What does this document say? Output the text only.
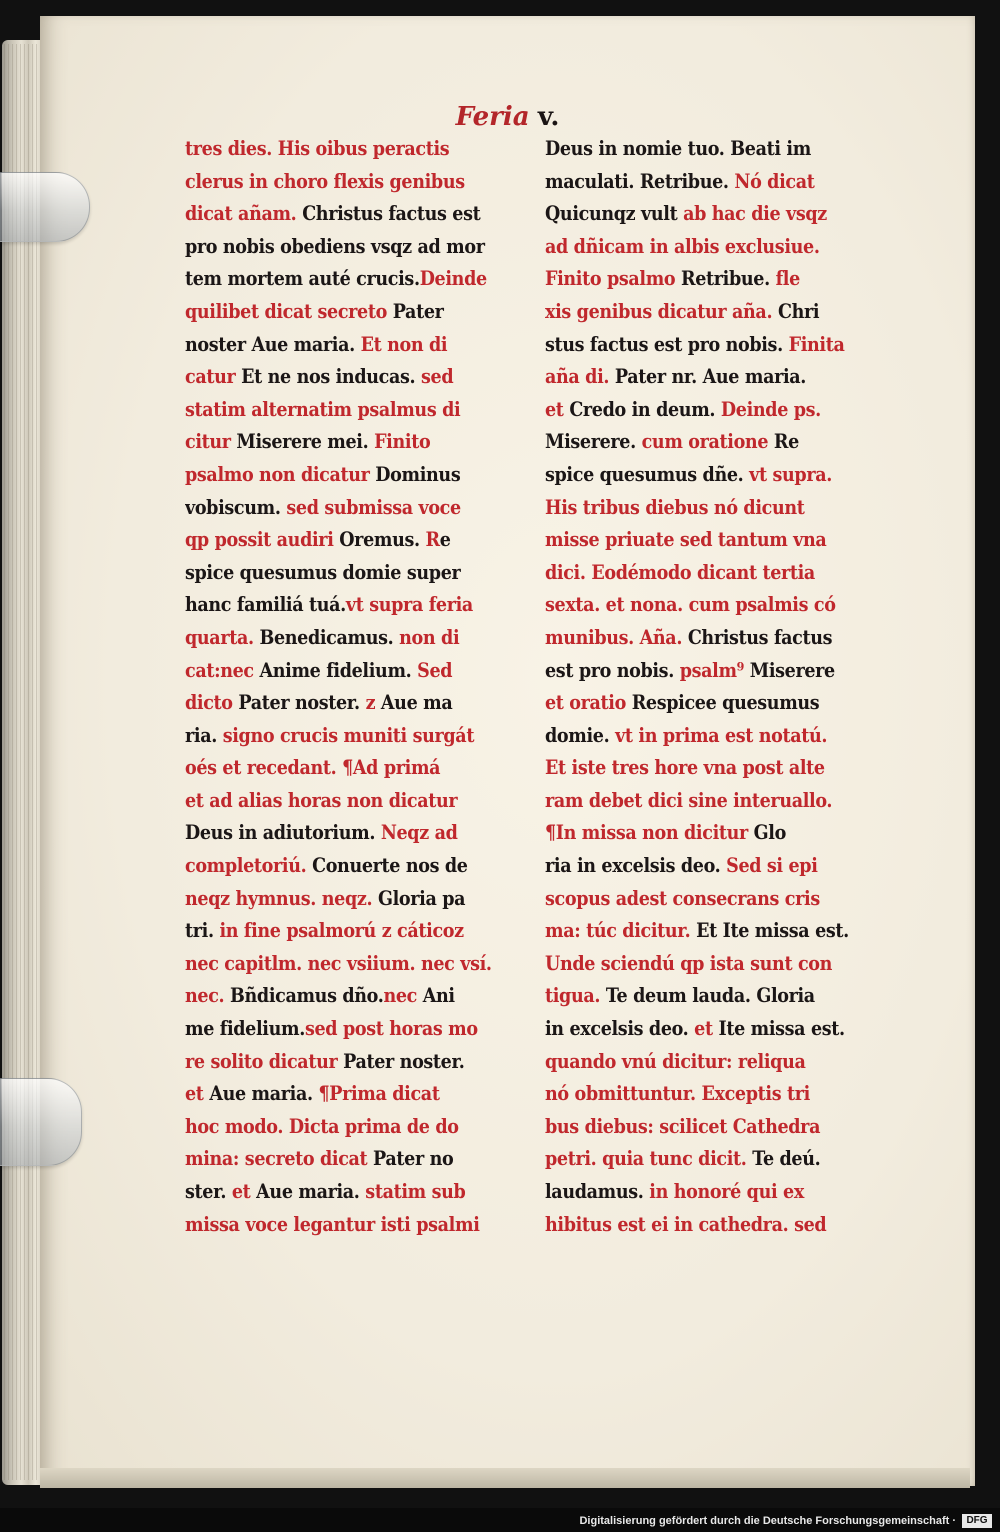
Feria v.
tres dies. His oibus peractis
clerus in choro flexis genibus
dicat añam. Christus factus est
pro nobis obediens vsqz ad mor
tem mortem auté crucis.Deinde
quilibet dicat secreto Pater
noster Aue maria. Et non di
catur Et ne nos inducas. sed
statim alternatim psalmus di
citur Miserere mei. Finito
psalmo non dicatur Dominus
vobiscum. sed submissa voce
qp possit audiri Oremus. Re
spice quesumus domie super
hanc familiá tuá.vt supra feria
quarta. Benedicamus. non di
cat:nec Anime fidelium. Sed
dicto Pater noster. z Aue ma
ria. signo crucis muniti surgát
oés et recedant. ¶Ad primá
et ad alias horas non dicatur
Deus in adiutorium. Neqz ad
completoriú. Conuerte nos de
neqz hymnus. neqz. Gloria pa
tri. in fine psalmorú z cáticoz
nec capitlm. nec vsiium. nec vsí.
nec. Bñdicamus dño.nec Ani
me fidelium.sed post horas mo
re solito dicatur Pater noster.
et Aue maria. ¶Prima dicat
hoc modo. Dicta prima de do
mina: secreto dicat Pater no
ster. et Aue maria. statim sub
missa voce legantur isti psalmi
Deus in nomie tuo. Beati im
maculati. Retribue. Nó dicat
Quicunqz vult ab hac die vsqz
ad dñicam in albis exclusiue.
Finito psalmo Retribue. fle
xis genibus dicatur aña. Chri
stus factus est pro nobis. Finita
aña di. Pater nr. Aue maria.
et Credo in deum. Deinde ps.
Miserere. cum oratione Re
spice quesumus dñe. vt supra.
His tribus diebus nó dicunt
misse priuate sed tantum vna
dici. Eodémodo dicant tertia
sexta. et nona. cum psalmis có
munibus. Aña. Christus factus
est pro nobis. psalm⁹ Miserere
et oratio Respicee quesumus
domie. vt in prima est notatú.
Et iste tres hore vna post alte
ram debet dici sine interuallo.
¶In missa non dicitur Glo
ria in excelsis deo. Sed si epi
scopus adest consecrans cris
ma: túc dicitur. Et Ite missa est.
Unde sciendú qp ista sunt con
tigua. Te deum lauda. Gloria
in excelsis deo. et Ite missa est.
quando vnú dicitur: reliqua
nó obmittuntur. Exceptis tri
bus diebus: scilicet Cathedra
petri. quia tunc dicit. Te deú.
laudamus. in honoré qui ex
hibitus est ei in cathedra. sed
Digitalisierung gefördert durch die Deutsche Forschungsgemeinschaft ·	DFG
